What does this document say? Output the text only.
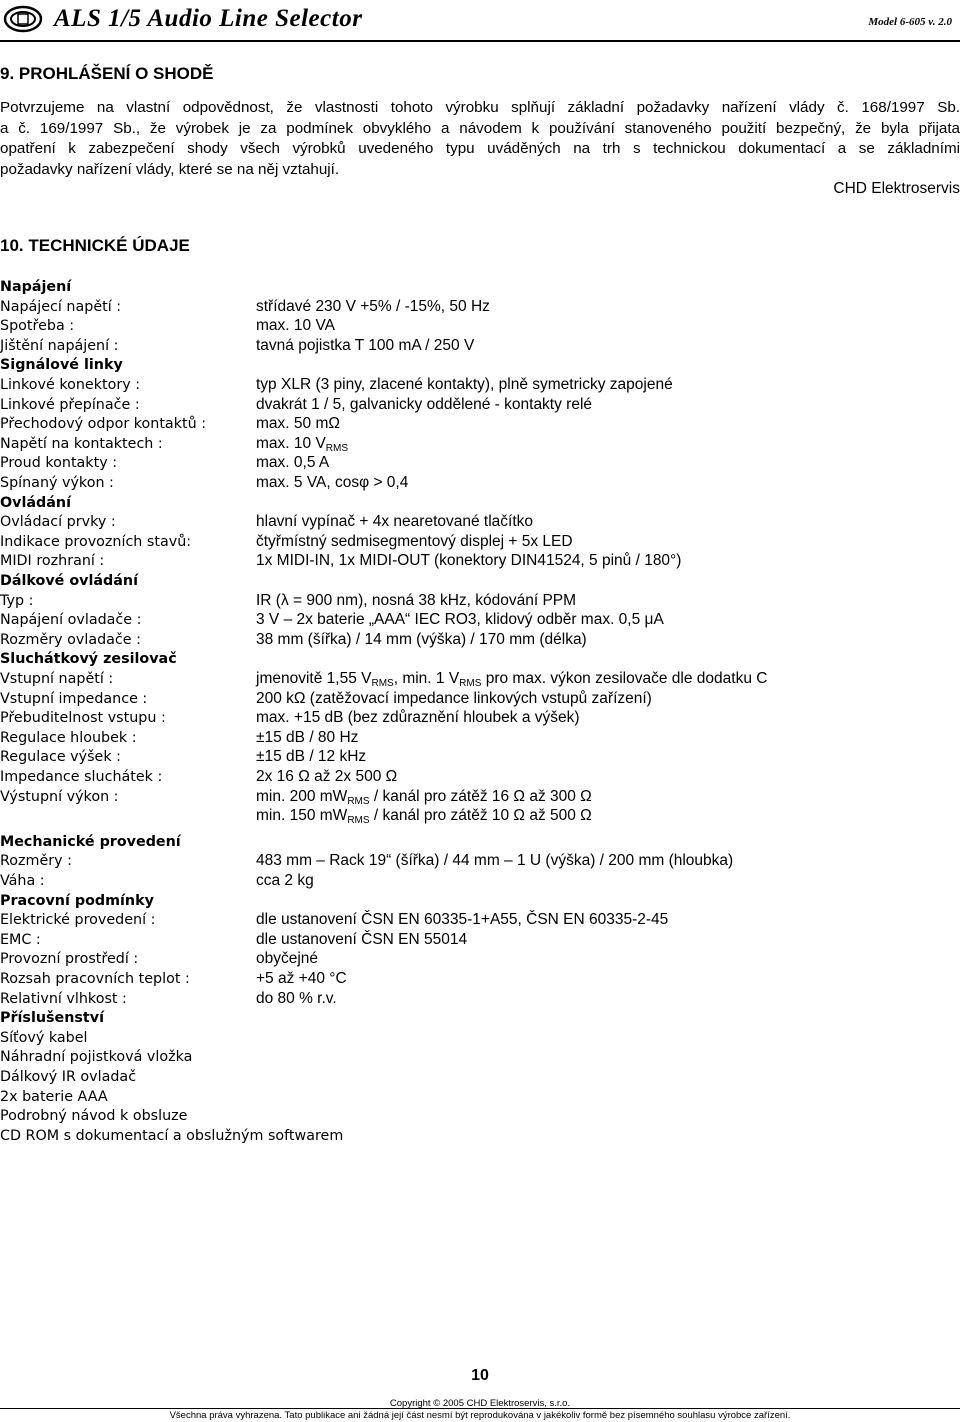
ALS 1/5 Audio Line Selector	Model 6-605 v. 2.0
9. PROHLÁŠENÍ O SHODĚ
Potvrzujeme na vlastní odpovědnost, že vlastnosti tohoto výrobku splňují základní požadavky nařízení vlády č. 168/1997 Sb.
a č. 169/1997 Sb., že výrobek je za podmínek obvyklého a návodem k používání stanoveného použití bezpečný, že byla přijata
opatření k zabezpečení shody všech výrobků uvedeného typu uváděných na trh s technickou dokumentací a se základními
požadavky nařízení vlády, které se na něj vztahují.
CHD Elektroservis
10. TECHNICKÉ ÚDAJE
Napájení
Napájecí napětí :	střídavé 230 V +5% / -15%, 50 Hz
Spotřeba :	max. 10 VA
Jištění napájení :	tavná pojistka T 100 mA / 250 V
Signálové linky
Linkové konektory :	typ XLR (3 piny, zlacené kontakty), plně symetricky zapojené
Linkové přepínače :	dvakrát 1 / 5, galvanicky oddělené - kontakty relé
Přechodový odpor kontaktů :	max. 50 mΩ
Napětí na kontaktech :	max. 10 $V_{RMS}$
Proud kontakty :	max. 0,5 A
Spínaný výkon :	max. 5 VA, cosφ > 0,4
Ovládání
Ovládací prvky :	hlavní vypínač + 4x nearetované tlačítko
Indikace provozních stavů:	čtyřmístný sedmisegmentový displej + 5x LED
MIDI rozhraní :	1x MIDI-IN, 1x MIDI-OUT (konektory DIN41524, 5 pinů / 180°)
Dálkové ovládání
Typ :	IR (λ = 900 nm), nosná 38 kHz, kódování PPM
Napájení ovladače :	3 V – 2x baterie „AAA“ IEC RO3, klidový odběr max. 0,5 μA
Rozměry ovladače :	38 mm (šířka) / 14 mm (výška) / 170 mm (délka)
Sluchátkový zesilovač
Vstupní napětí :	jmenovitě 1,55 $V_{RMS}$, min. 1 $V_{RMS}$ pro max. výkon zesilovače dle dodatku C
Vstupní impedance :	200 kΩ (zatěžovací impedance linkových vstupů zařízení)
Přebuditelnost vstupu :	max. +15 dB (bez zdůraznění hloubek a výšek)
Regulace hloubek :	±15 dB / 80 Hz
Regulace výšek :	±15 dB / 12 kHz
Impedance sluchátek :	2x 16 Ω až 2x 500 Ω
Výstupní výkon :	min. 200 $mW_{RMS}$ / kanál pro zátěž 16 Ω až 300 Ω
min. 150 $mW_{RMS}$ / kanál pro zátěž 10 Ω až 500 Ω
Mechanické provedení
Rozměry :	483 mm – Rack 19“ (šířka) / 44 mm – 1 U (výška) / 200 mm (hloubka)
Váha :	cca 2 kg
Pracovní podmínky
Elektrické provedení :	dle ustanovení ČSN EN 60335-1+A55, ČSN EN 60335-2-45
EMC :	dle ustanovení ČSN EN 55014
Provozní prostředí :	obyčejné
Rozsah pracovních teplot :	+5 až +40 °C
Relativní vlhkost :	do 80 % r.v.
Příslušenství
Síťový kabel
Náhradní pojistková vložka
Dálkový IR ovladač
2x baterie AAA
Podrobný návod k obsluze
CD ROM s dokumentací a obslužným softwarem
10
Copyright © 2005 CHD Elektroservis, s.r.o.
Všechna práva vyhrazena. Tato publikace ani žádná její část nesmí být reprodukována v jakékoliv formě bez písemného souhlasu výrobce zařízení.
